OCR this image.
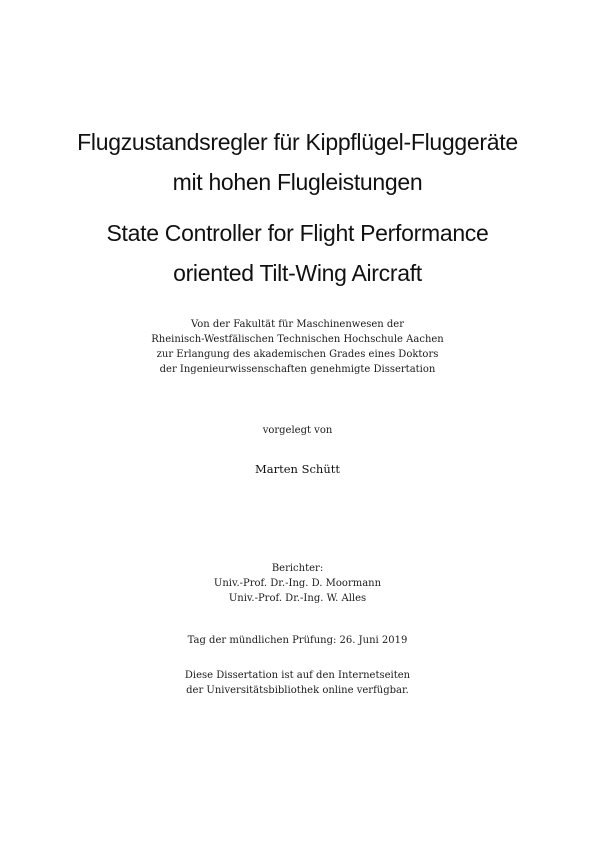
Flugzustandsregler für Kippflügel-Fluggeräte
mit hohen Flugleistungen
State Controller for Flight Performance
oriented Tilt-Wing Aircraft
Von der Fakultät für Maschinenwesen der
Rheinisch-Westfälischen Technischen Hochschule Aachen
zur Erlangung des akademischen Grades eines Doktors
der Ingenieurwissenschaften genehmigte Dissertation
vorgelegt von
Marten Schütt
Berichter:
Univ.-Prof. Dr.-Ing. D. Moormann
Univ.-Prof. Dr.-Ing. W. Alles
Tag der mündlichen Prüfung: 26. Juni 2019
Diese Dissertation ist auf den Internetseiten
der Universitätsbibliothek online verfügbar.
